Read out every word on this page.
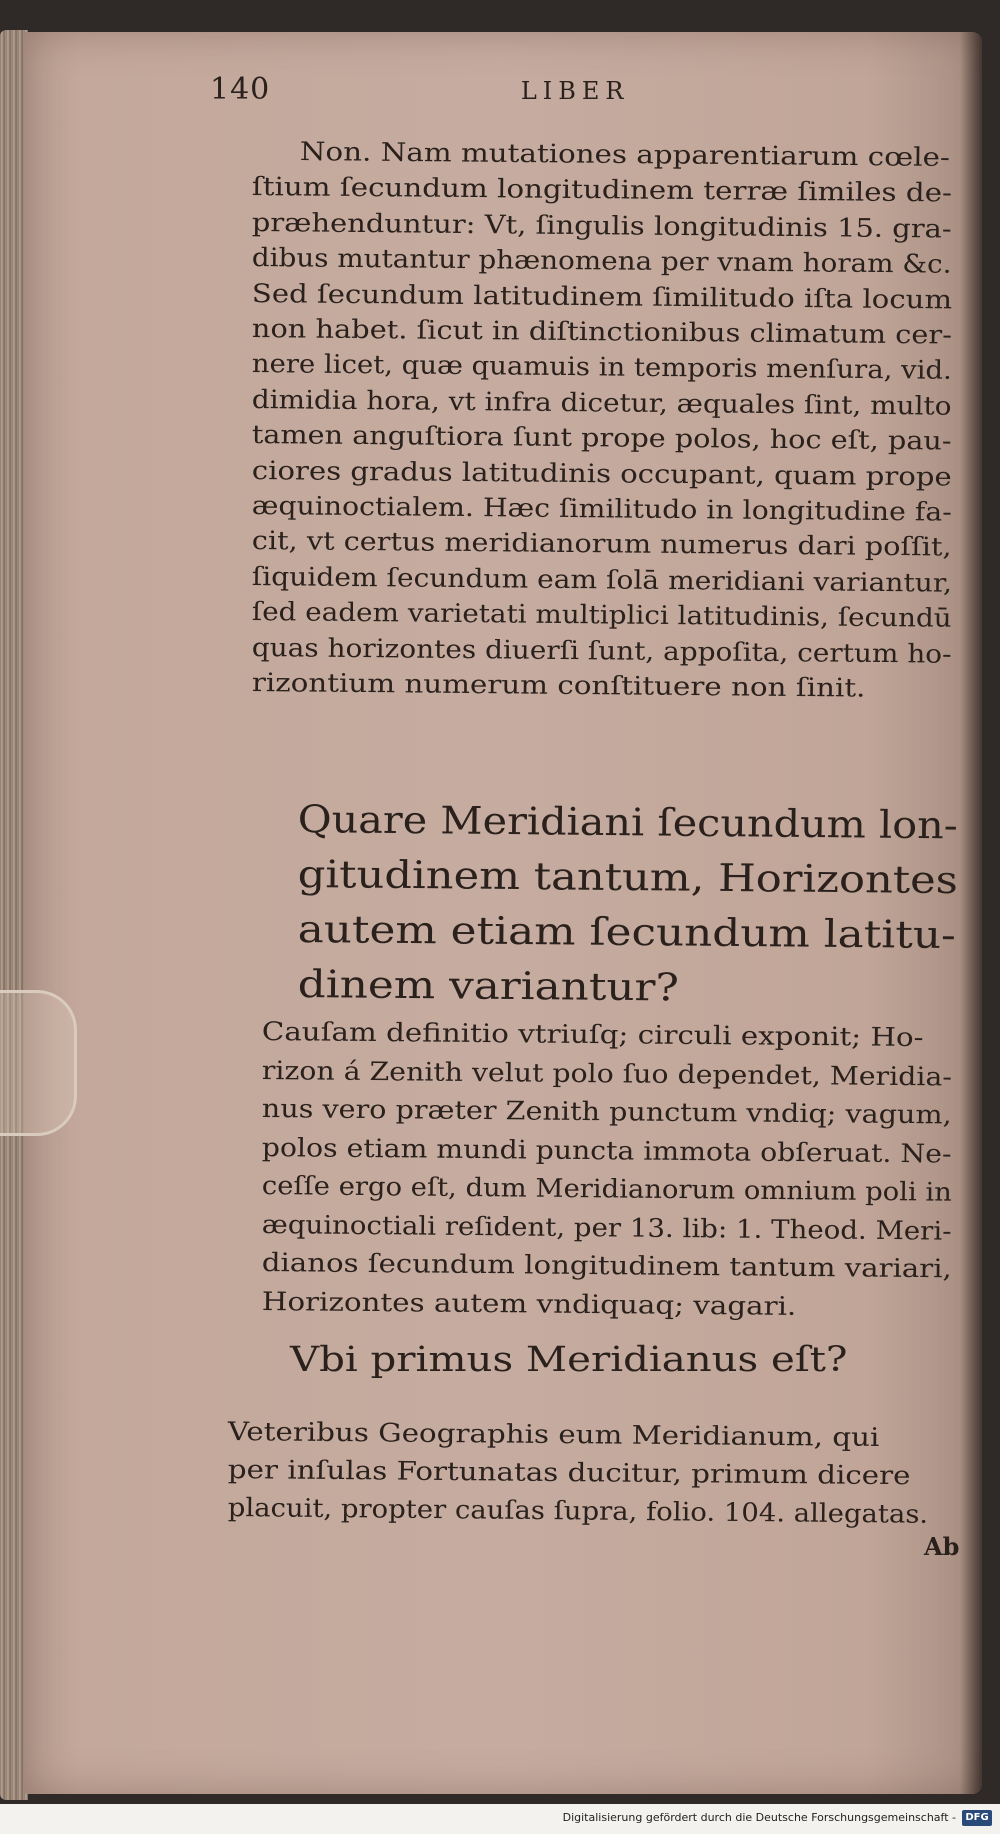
140	LIBER
Non. Nam mutationes apparentiarum cœle-
ſtium ſecundum longitudinem terræ ſimiles de-
præhenduntur: Vt, ſingulis longitudinis 15. gra-
dibus mutantur phænomena per vnam horam &c.
Sed ſecundum latitudinem ſimilitudo iſta locum
non habet. ſicut in diſtinctionibus climatum cer-
nere licet, quæ quamuis in temporis menſura, vid.
dimidia hora, vt infra dicetur, æquales ſint, multo
tamen anguſtiora ſunt prope polos, hoc eſt, pau-
ciores gradus latitudinis occupant, quam prope
æquinoctialem. Hæc ſimilitudo in longitudine fa-
cit, vt certus meridianorum numerus dari poſſit,
ſiquidem ſecundum eam ſolā meridiani variantur,
ſed eadem varietati multiplici latitudinis, ſecundū
quas horizontes diuerſi ſunt, appoſita, certum ho-
rizontium numerum conſtituere non ſinit.
Quare Meridiani ſecundum lon-
gitudinem tantum, Horizontes
autem etiam ſecundum latitu-
dinem variantur?
Cauſam definitio vtriuſq; circuli exponit; Ho-
rizon á Zenith velut polo ſuo dependet, Meridia-
nus vero præter Zenith punctum vndiq; vagum,
polos etiam mundi puncta immota obſeruat. Ne-
ceſſe ergo eſt, dum Meridianorum omnium poli in
æquinoctiali reſident, per 13. lib: 1. Theod. Meri-
dianos ſecundum longitudinem tantum variari,
Horizontes autem vndiquaq; vagari.
Vbi primus Meridianus eſt?
Veteribus Geographis eum Meridianum, qui
per inſulas Fortunatas ducitur, primum dicere
placuit, propter cauſas ſupra, folio. 104. allegatas.
Ab
Digitalisierung gefördert durch die Deutsche Forschungsgemeinschaft - DFG
